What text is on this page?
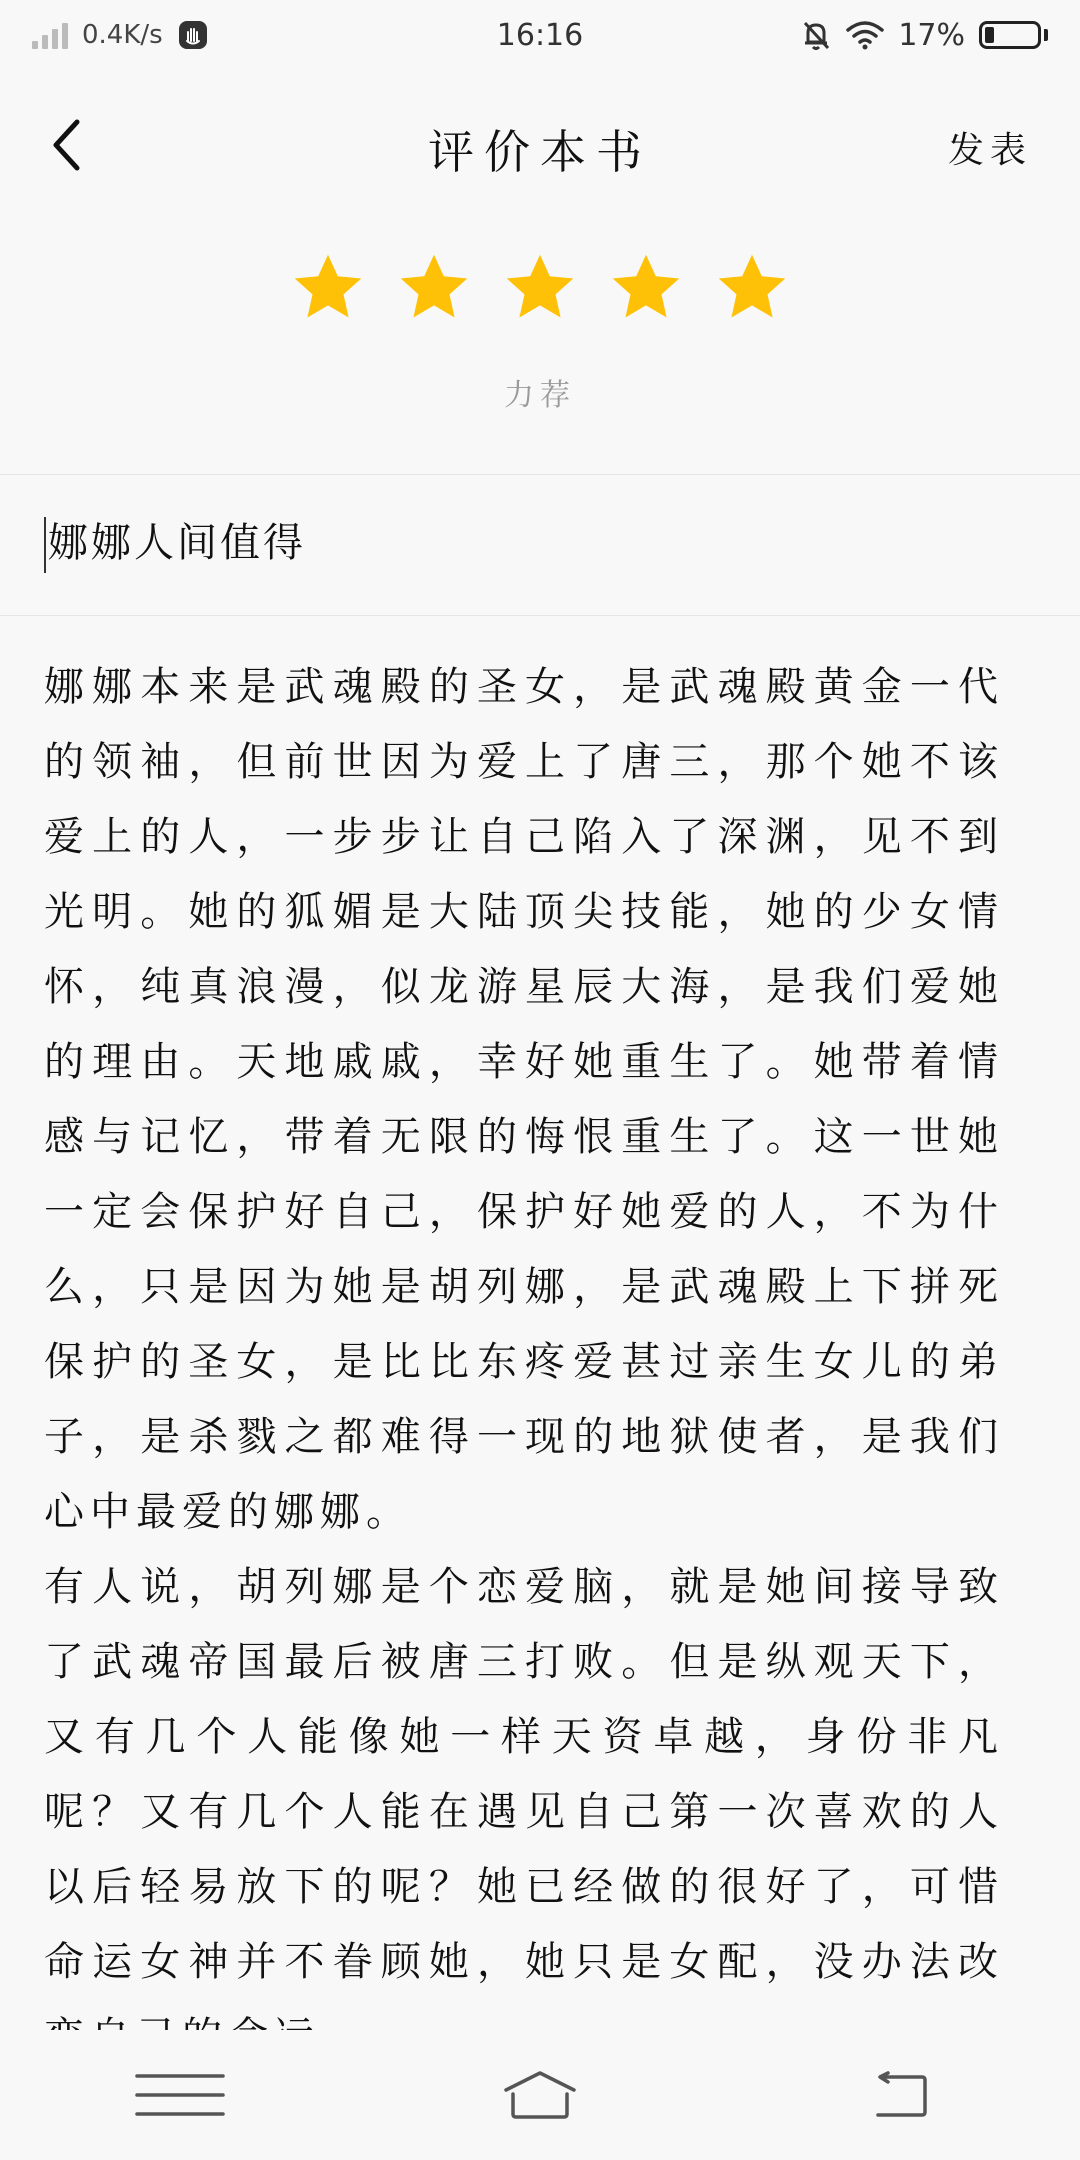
0.4K/s	16:16	17%
评价本书	发表
力荐
娜娜人间值得

娜娜本来是武魂殿的圣女，是武魂殿黄金一代的领袖，但前世因为爱上了唐三，那个她不该爱上的人，一步步让自己陷入了深渊，见不到光明。她的狐媚是大陆顶尖技能，她的少女情怀，纯真浪漫，似龙游星辰大海，是我们爱她的理由。天地戚戚，幸好她重生了。她带着情感与记忆，带着无限的悔恨重生了。这一世她一定会保护好自己，保护好她爱的人，不为什么，只是因为她是胡列娜，是武魂殿上下拼死保护的圣女，是比比东疼爱甚过亲生女儿的弟子，是杀戮之都难得一现的地狱使者，是我们心中最爱的娜娜。

有人说，胡列娜是个恋爱脑，就是她间接导致了武魂帝国最后被唐三打败。但是纵观天下，又有几个人能像她一样天资卓越，身份非凡呢？又有几个人能在遇见自己第一次喜欢的人以后轻易放下的呢？她已经做的很好了，可惜命运女神并不眷顾她，她只是女配，没办法改
